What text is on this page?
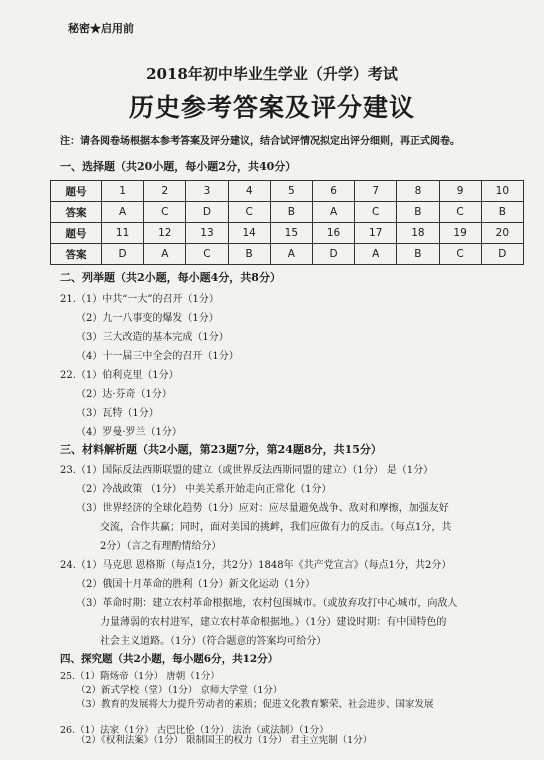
秘密★启用前
2018年初中毕业生学业（升学）考试
历史参考答案及评分建议
注：请各阅卷场根据本参考答案及评分建议，结合试评情况拟定出评分细则，再正式阅卷。
一、选择题（共20小题，每小题2分，共40分）
题号	1	2	3	4	5	6	7	8	9	10
答案	A	C	D	C	B	A	C	B	C	B
题号	11	12	13	14	15	16	17	18	19	20
答案	D	A	C	B	A	D	A	B	C	D
二、列举题（共2小题，每小题4分，共8分）
21.（1）中共“一大”的召开（1分）
（2）九一八事变的爆发（1分）
（3）三大改造的基本完成（1分）
（4）十一届三中全会的召开（1分）
22.（1）伯利克里（1分）
（2）达·芬奇（1分）
（3）瓦特（1分）
（4）罗曼·罗兰（1分）
三、材料解析题（共2小题，第23题7分，第24题8分，共15分）
23.（1）国际反法西斯联盟的建立（或世界反法西斯同盟的建立）（1分） 是（1分）
（2）冷战政策 （1分） 中美关系开始走向正常化（1分）
（3）世界经济的全球化趋势（1分）应对：应尽量避免战争、敌对和摩擦，加强友好
交流，合作共赢；同时，面对美国的挑衅，我们应做有力的反击。（每点1分，共
2分）（言之有理酌情给分）
24.（1）马克思 恩格斯（每点1分，共2分）1848年《共产党宣言》（每点1分，共2分）
（2）俄国十月革命的胜利（1分）新文化运动（1分）
（3）革命时期：建立农村革命根据地，农村包围城市。（或放弃攻打中心城市，向敌人
力量薄弱的农村进军，建立农村革命根据地。）（1分）建设时期：有中国特色的
社会主义道路。（1分）（符合题意的答案均可给分）
四、探究题（共2小题，每小题6分，共12分）
25.（1）隋炀帝（1分） 唐朝（1分）
（2）新式学校（堂）（1分） 京师大学堂（1分）
（3）教育的发展将大力提升劳动者的素质；促进文化教育繁荣、社会进步、国家发展
26.（1）法家（1分） 古巴比伦（1分） 法治（或法制）（1分）
（2）《权利法案》（1分） 限制国王的权力（1分） 君主立宪制（1分）
